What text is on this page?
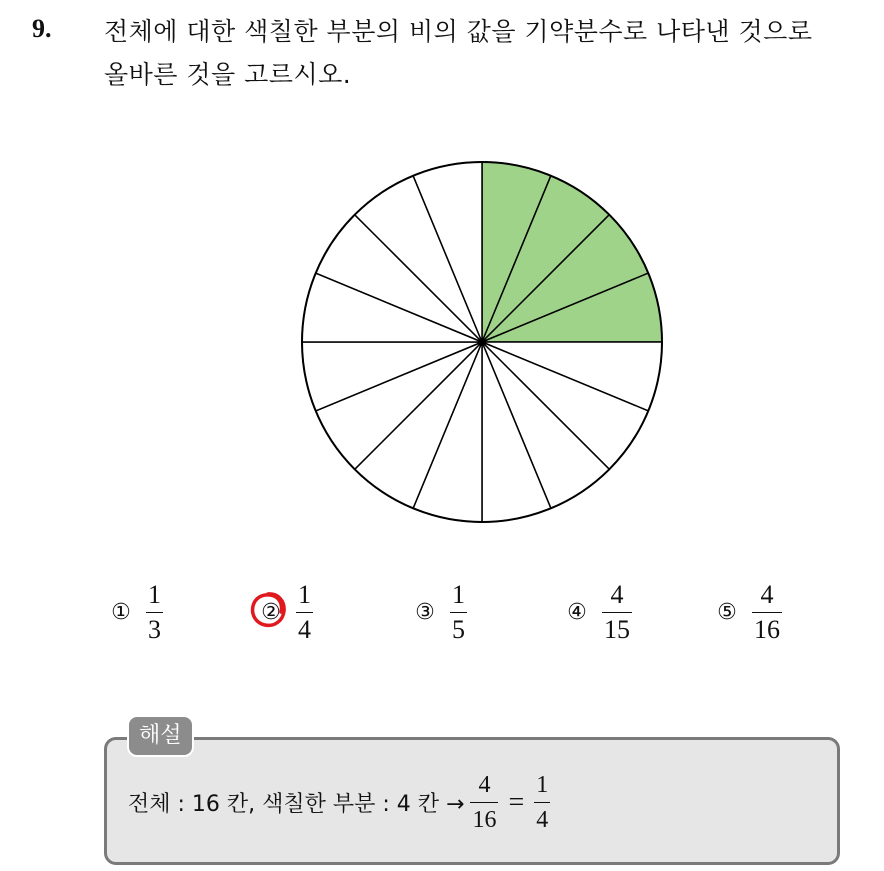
9. 전체에 대한 색칠한 부분의 비의 값을 기약분수로 나타낸 것으로
올바른 것을 고르시오.
① $\frac{1}{3}$	② $\frac{1}{4}$	③ $\frac{1}{5}$	④ $\frac{4}{15}$	⑤ $\frac{4}{16}$
해설
전체 : 16 칸, 색칠한 부분 : 4 칸 → $\frac{4}{16} = \frac{1}{4}$
